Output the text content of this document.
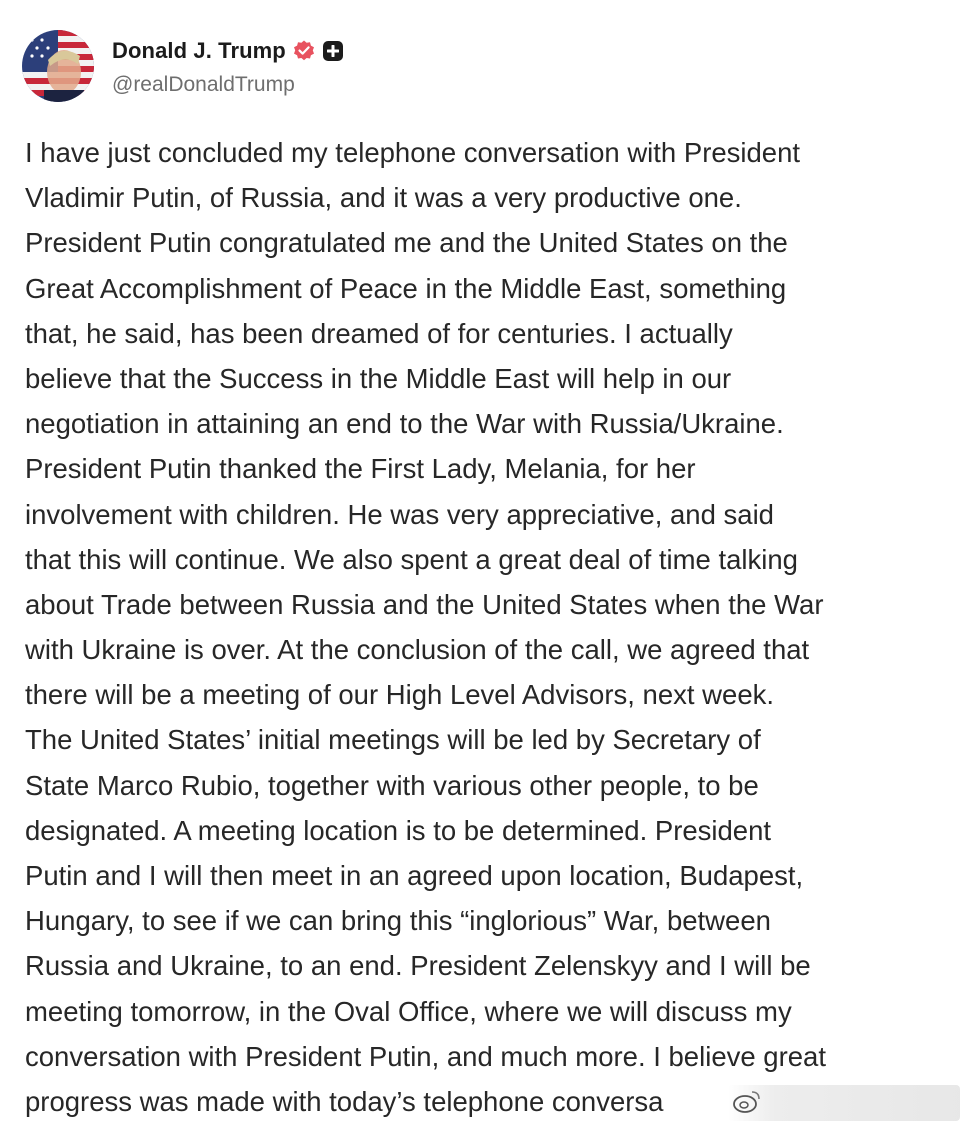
Donald J. Trump
@realDonaldTrump
I have just concluded my telephone conversation with President
Vladimir Putin, of Russia, and it was a very productive one.
President Putin congratulated me and the United States on the
Great Accomplishment of Peace in the Middle East, something
that, he said, has been dreamed of for centuries. I actually
believe that the Success in the Middle East will help in our
negotiation in attaining an end to the War with Russia/Ukraine.
President Putin thanked the First Lady, Melania, for her
involvement with children. He was very appreciative, and said
that this will continue. We also spent a great deal of time talking
about Trade between Russia and the United States when the War
with Ukraine is over. At the conclusion of the call, we agreed that
there will be a meeting of our High Level Advisors, next week.
The United States’ initial meetings will be led by Secretary of
State Marco Rubio, together with various other people, to be
designated. A meeting location is to be determined. President
Putin and I will then meet in an agreed upon location, Budapest,
Hungary, to see if we can bring this “inglorious” War, between
Russia and Ukraine, to an end. President Zelenskyy and I will be
meeting tomorrow, in the Oval Office, where we will discuss my
conversation with President Putin, and much more. I believe great
progress was made with today’s telephone conversa
